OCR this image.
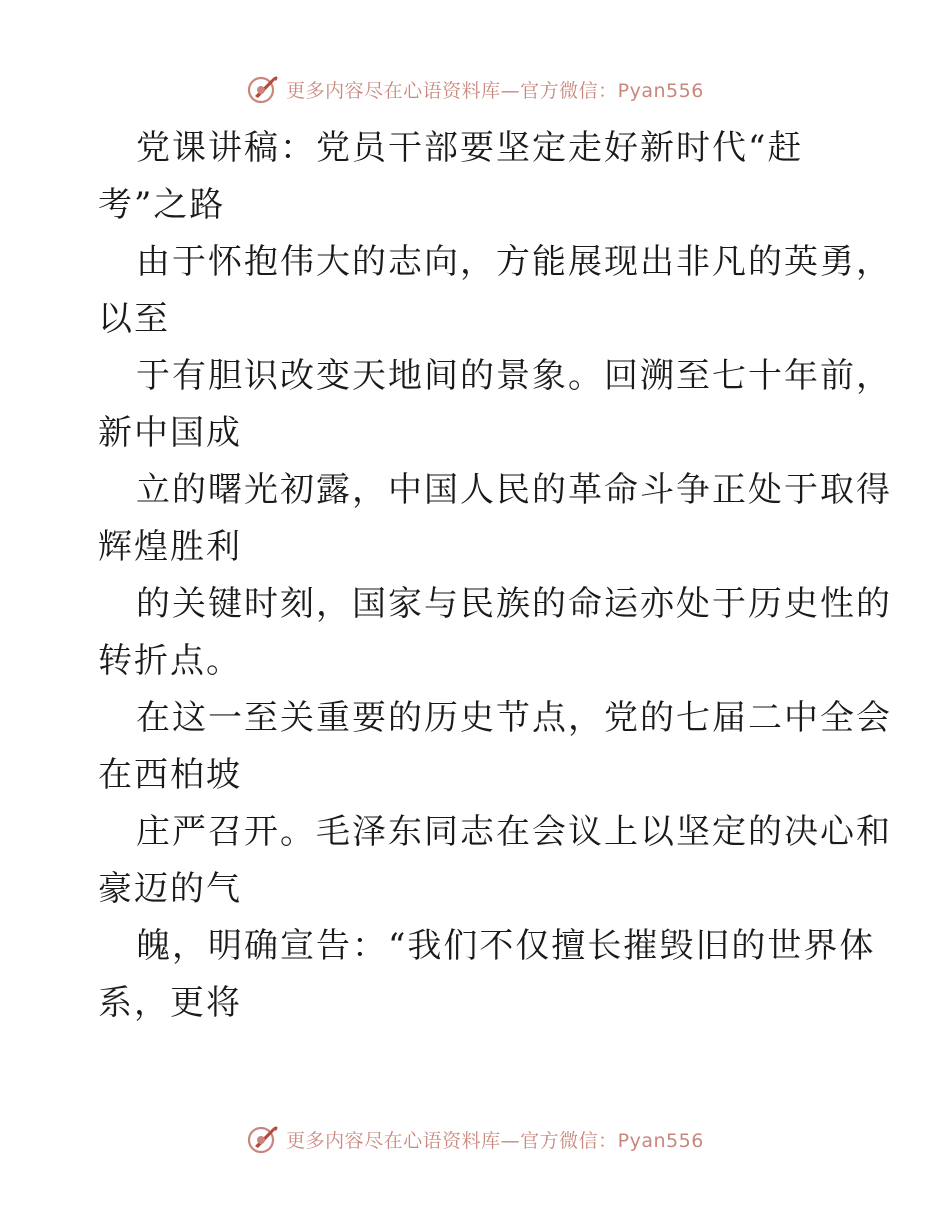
更多内容尽在心语资料库—官方微信：Pyan556

党课讲稿：党员干部要坚定走好新时代“赶
考”之路

由于怀抱伟大的志向，方能展现出非凡的英勇，
以至

于有胆识改变天地间的景象。回溯至七十年前，
新中国成

立的曙光初露，中国人民的革命斗争正处于取得
辉煌胜利

的关键时刻，国家与民族的命运亦处于历史性的
转折点。

在这一至关重要的历史节点，党的七届二中全会
在西柏坡

庄严召开。毛泽东同志在会议上以坚定的决心和
豪迈的气

魄，明确宣告：“我们不仅擅长摧毁旧的世界体
系，更将

更多内容尽在心语资料库—官方微信：Pyan556
